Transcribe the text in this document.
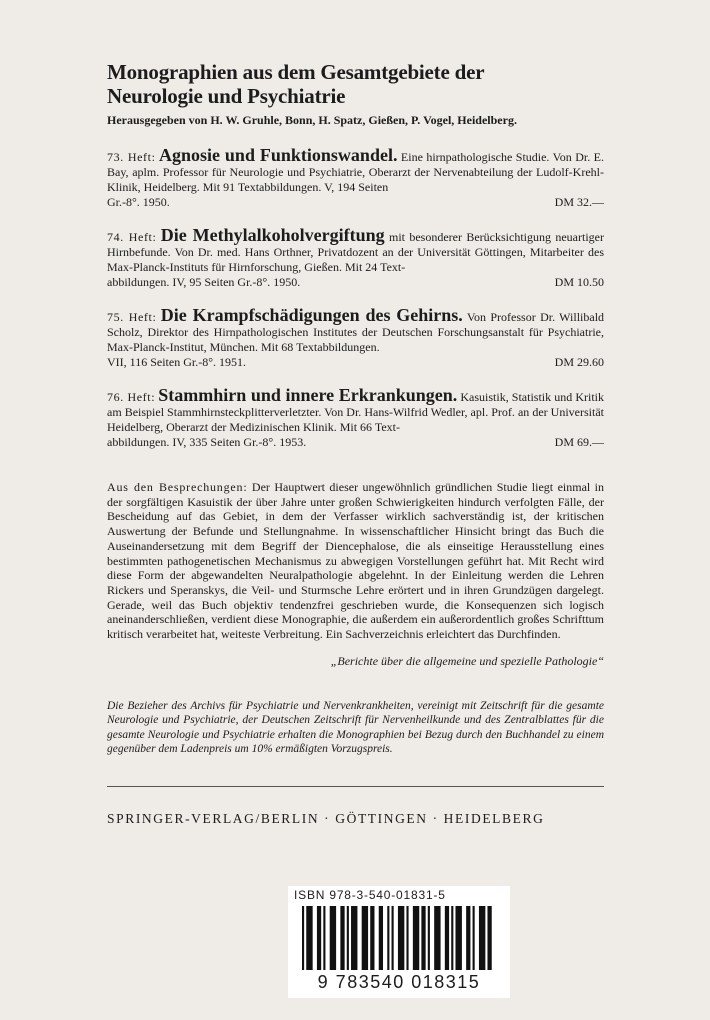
Monographien aus dem Gesamtgebiete der
Neurologie und Psychiatrie
Herausgegeben von H. W. Gruhle, Bonn, H. Spatz, Gießen, P. Vogel, Heidelberg.
73. Heft: Agnosie und Funktionswandel. Eine hirnpathologische Studie. Von Dr. E. Bay, aplm. Professor für Neurologie und Psychiatrie, Oberarzt der Nervenabteilung der Ludolf-Krehl-Klinik, Heidelberg. Mit 91 Textabbildungen. V, 194 Seiten
Gr.-8°. 1950.	DM 32.—
74. Heft: Die Methylalkoholvergiftung mit besonderer Berücksichtigung neuartiger Hirnbefunde. Von Dr. med. Hans Orthner, Privatdozent an der Universität Göttingen, Mitarbeiter des Max-Planck-Instituts für Hirnforschung, Gießen. Mit 24 Text-
abbildungen. IV, 95 Seiten Gr.-8°. 1950.	DM 10.50
75. Heft: Die Krampfschädigungen des Gehirns. Von Professor Dr. Willibald Scholz, Direktor des Hirnpathologischen Institutes der Deutschen Forschungsanstalt für Psychiatrie, Max-Planck-Institut, München. Mit 68 Textabbildungen.
VII, 116 Seiten Gr.-8°. 1951.	DM 29.60
76. Heft: Stammhirn und innere Erkrankungen. Kasuistik, Statistik und Kritik am Beispiel Stammhirnsteckplitterverletzter. Von Dr. Hans-Wilfrid Wedler, apl. Prof. an der Universität Heidelberg, Oberarzt der Medizinischen Klinik. Mit 66 Text-
abbildungen. IV, 335 Seiten Gr.-8°. 1953.	DM 69.—
Aus den Besprechungen: Der Hauptwert dieser ungewöhnlich gründlichen Studie liegt einmal in der sorgfältigen Kasuistik der über Jahre unter großen Schwierigkeiten hindurch verfolgten Fälle, der Bescheidung auf das Gebiet, in dem der Verfasser wirklich sachverständig ist, der kritischen Auswertung der Befunde und Stellungnahme. In wissenschaftlicher Hinsicht bringt das Buch die Auseinandersetzung mit dem Begriff der Diencephalose, die als einseitige Herausstellung eines bestimmten pathogenetischen Mechanismus zu abwegigen Vorstellungen geführt hat. Mit Recht wird diese Form der abgewandelten Neuralpathologie abgelehnt. In der Einleitung werden die Lehren Rickers und Speranskys, die Veil- und Sturmsche Lehre erörtert und in ihren Grundzügen dargelegt. Gerade, weil das Buch objektiv tendenzfrei geschrieben wurde, die Konsequenzen sich logisch aneinanderschließen, verdient diese Monographie, die außerdem ein außerordentlich großes Schrifttum kritisch verarbeitet hat, weiteste Verbreitung. Ein Sachverzeichnis erleichtert das Durchfinden.
„Berichte über die allgemeine und spezielle Pathologie“
Die Bezieher des Archivs für Psychiatrie und Nervenkrankheiten, vereinigt mit Zeitschrift für die gesamte Neurologie und Psychiatrie, der Deutschen Zeitschrift für Nervenheilkunde und des Zentralblattes für die gesamte Neurologie und Psychiatrie erhalten die Monographien bei Bezug durch den Buchhandel zu einem gegenüber dem Ladenpreis um 10% ermäßigten Vorzugspreis.
SPRINGER-VERLAG/BERLIN · GÖTTINGEN · HEIDELBERG
ISBN 978-3-540-01831-5
9 783540 018315
